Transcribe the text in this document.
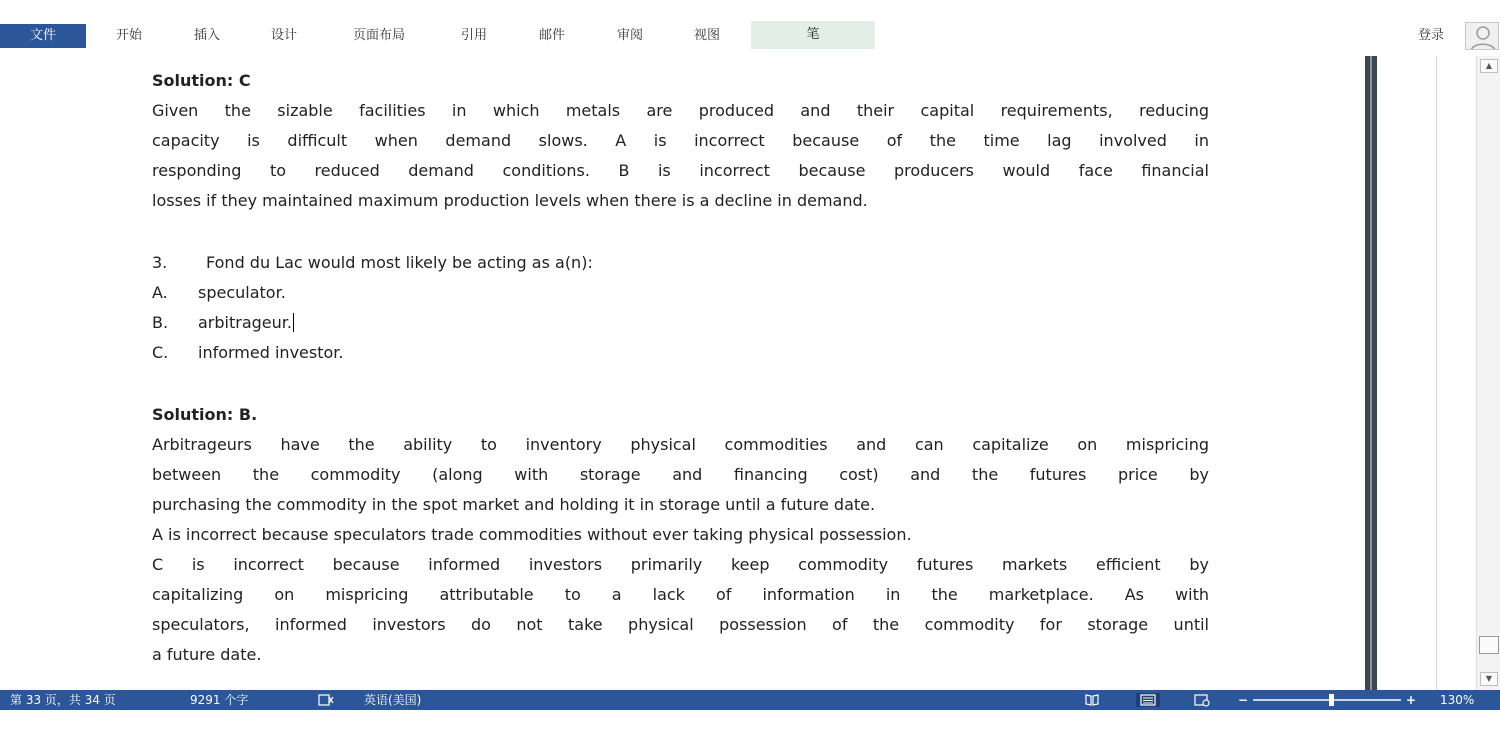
文件	开始	插入	设计	页面布局	引用	邮件	审阅	视图	笔	登录
Solution: C
Given the sizable facilities in which metals are produced and their capital requirements, reducing
capacity is difficult when demand slows. A is incorrect because of the time lag involved in
responding to reduced demand conditions. B is incorrect because producers would face financial
losses if they maintained maximum production levels when there is a decline in demand.
3. Fond du Lac would most likely be acting as a(n):
A. speculator.
B. arbitrageur.
C. informed investor.
Solution: B.
Arbitrageurs have the ability to inventory physical commodities and can capitalize on mispricing
between the commodity (along with storage and financing cost) and the futures price by
purchasing the commodity in the spot market and holding it in storage until a future date.
A is incorrect because speculators trade commodities without ever taking physical possession.
C is incorrect because informed investors primarily keep commodity futures markets efficient by
capitalizing on mispricing attributable to a lack of information in the marketplace. As with
speculators, informed investors do not take physical possession of the commodity for storage until
a future date.
▲
▼
第 33 页，共 34 页	9291 个字	英语(美国)	−	+ 130%
